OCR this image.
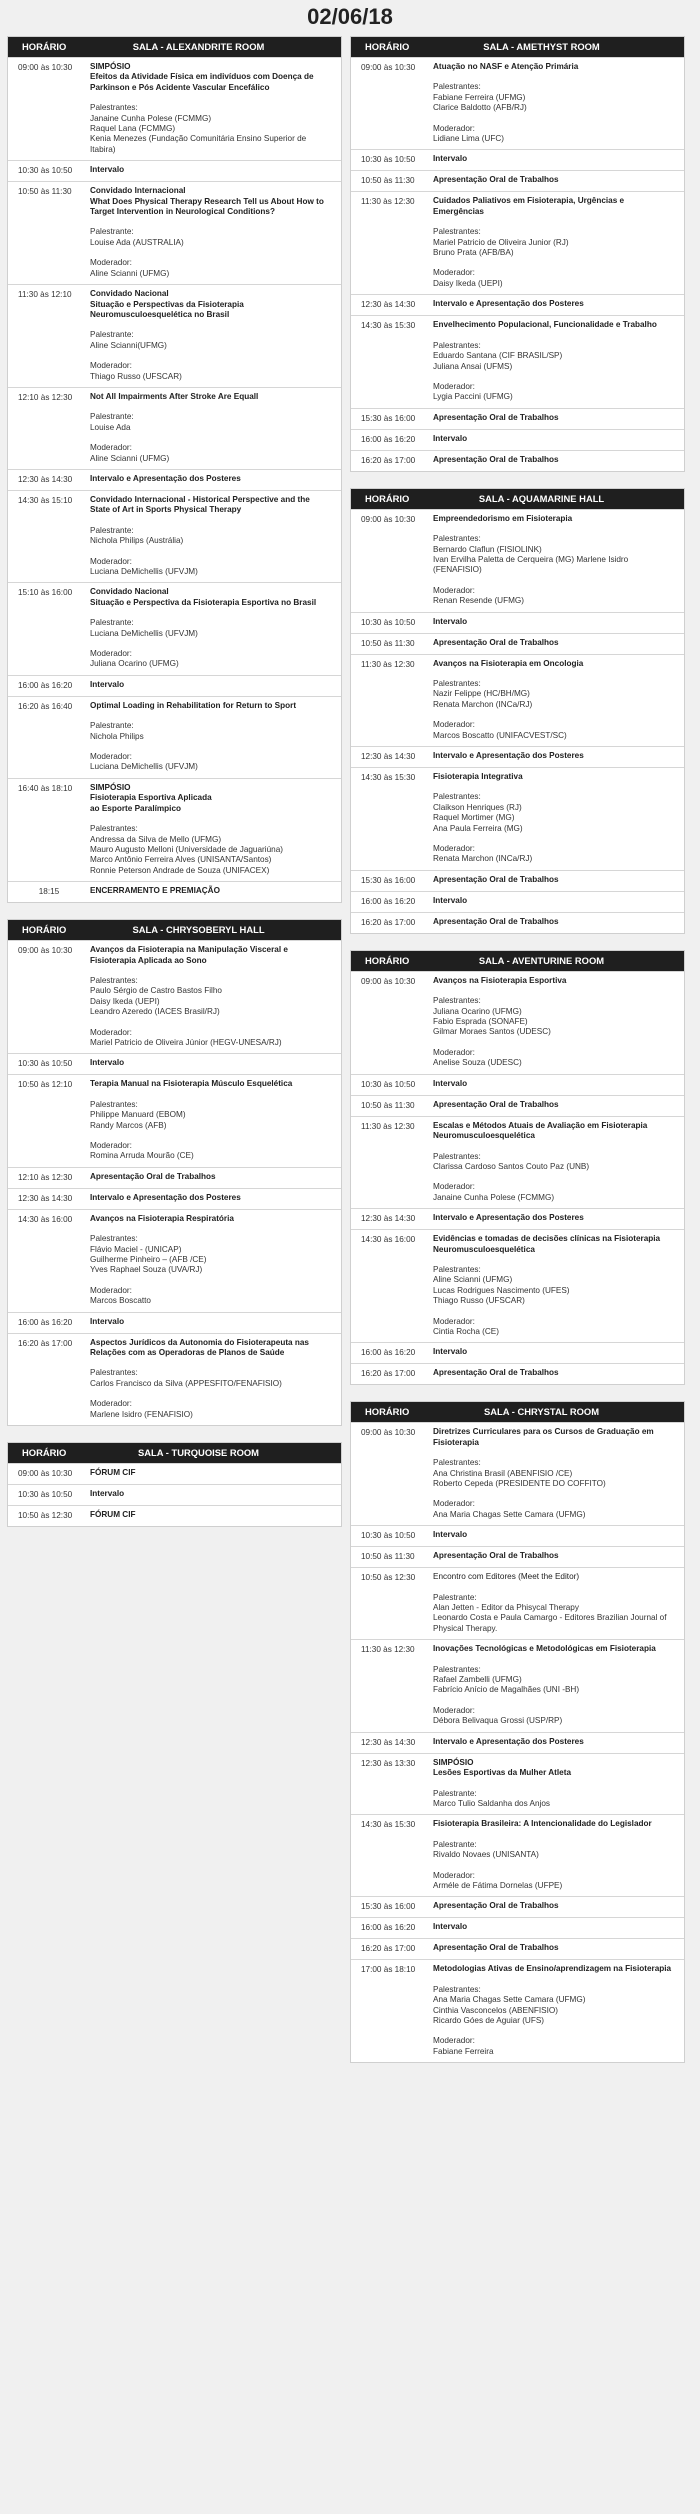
02/06/18
HORÁRIO	SALA - ALEXANDRITE ROOM
09:00 às 10:30	SIMPÓSIO
Efeitos da Atividade Física em indivíduos com Doença de Parkinson e Pós Acidente Vascular Encefálico
Palestrantes:
Janaine Cunha Polese (FCMMG)
Raquel Lana (FCMMG)
Kenia Menezes (Fundação Comunitária Ensino Superior de Itabira)
10:30 às 10:50	Intervalo
10:50 às 11:30	Convidado Internacional
What Does Physical Therapy Research Tell us About How to Target Intervention in Neurological Conditions?
Palestrante:
Louise Ada (AUSTRALIA)
Moderador:
Aline Scianni (UFMG)
11:30 às 12:10	Convidado Nacional
Situação e Perspectivas da Fisioterapia Neuromusculoesquelética no Brasil
Palestrante:
Aline Scianni(UFMG)
Moderador:
Thiago Russo (UFSCAR)
12:10 às 12:30	Not All Impairments After Stroke Are Equall
Palestrante:
Louise Ada
Moderador:
Aline Scianni (UFMG)
12:30 às 14:30	Intervalo e Apresentação dos Posteres
14:30 às 15:10	Convidado Internacional - Historical Perspective and the State of Art in Sports Physical Therapy
Palestrante:
Nichola Philips (Austrália)
Moderador:
Luciana DeMichellis (UFVJM)
15:10 às 16:00	Convidado Nacional
Situação e Perspectiva da Fisioterapia Esportiva no Brasil
Palestrante:
Luciana DeMichellis (UFVJM)
Moderador:
Juliana Ocarino (UFMG)
16:00 às 16:20	Intervalo
16:20 às 16:40	Optimal Loading in Rehabilitation for Return to Sport
Palestrante:
Nichola Philips
Moderador:
Luciana DeMichellis (UFVJM)
16:40 às 18:10	SIMPÓSIO
Fisioterapia Esportiva Aplicada
ao Esporte Paralímpico
Palestrantes:
Andressa da Silva de Mello (UFMG)
Mauro Augusto Melloni (Universidade de Jaguariúna)
Marco Antônio Ferreira Alves (UNISANTA/Santos)
Ronnie Peterson Andrade de Souza (UNIFACEX)
18:15	ENCERRAMENTO E PREMIAÇÃO
HORÁRIO	SALA - CHRYSOBERYL HALL
09:00 às 10:30	Avanços da Fisioterapia na Manipulação Visceral e Fisioterapia Aplicada ao Sono
Palestrantes:
Paulo Sérgio de Castro Bastos Filho
Daisy Ikeda (UEPI)
Leandro Azeredo (IACES Brasil/RJ)
Moderador:
Mariel Patricio de Oliveira Júnior (HEGV-UNESA/RJ)
10:30 às 10:50	Intervalo
10:50 às 12:10	Terapia Manual na Fisioterapia Músculo Esquelética
Palestrantes:
Philippe Manuard (EBOM)
Randy Marcos (AFB)
Moderador:
Romina Arruda Mourão (CE)
12:10 às 12:30	Apresentação Oral de Trabalhos
12:30 às 14:30	Intervalo e Apresentação dos Posteres
14:30 às 16:00	Avanços na Fisioterapia Respiratória
Palestrantes:
Flávio Maciel - (UNICAP)
Guilherme Pinheiro – (AFB /CE)
Yves Raphael Souza (UVA/RJ)
Moderador:
Marcos Boscatto
16:00 às 16:20	Intervalo
16:20 às 17:00	Aspectos Jurídicos da Autonomia do Fisioterapeuta nas Relações com as Operadoras de Planos de Saúde
Palestrantes:
Carlos Francisco da Silva (APPESFITO/FENAFISIO)
Moderador:
Marlene Isidro (FENAFISIO)
HORÁRIO	SALA - TURQUOISE ROOM
09:00 às 10:30	FÓRUM CIF
10:30 às 10:50	Intervalo
10:50 às 12:30	FÓRUM CIF
HORÁRIO	SALA - AMETHYST ROOM
09:00 às 10:30	Atuação no NASF e Atenção Primária
Palestrantes:
Fabiane Ferreira (UFMG)
Clarice Baldotto (AFB/RJ)
Moderador:
Lidiane Lima (UFC)
10:30 às 10:50	Intervalo
10:50 às 11:30	Apresentação Oral de Trabalhos
11:30 às 12:30	Cuidados Paliativos em Fisioterapia, Urgências e Emergências
Palestrantes:
Mariel Patricio de Oliveira Junior (RJ)
Bruno Prata (AFB/BA)
Moderador:
Daisy Ikeda (UEPI)
12:30 às 14:30	Intervalo e Apresentação dos Posteres
14:30 às 15:30	Envelhecimento Populacional, Funcionalidade e Trabalho
Palestrantes:
Eduardo Santana (CIF BRASIL/SP)
Juliana Ansai (UFMS)
Moderador:
Lygia Paccini (UFMG)
15:30 às 16:00	Apresentação Oral de Trabalhos
16:00 às 16:20	Intervalo
16:20 às 17:00	Apresentação Oral de Trabalhos
HORÁRIO	SALA - AQUAMARINE HALL
09:00 às 10:30	Empreendedorismo em Fisioterapia
Palestrantes:
Bernardo Claflun (FISIOLINK)
Ivan Ervilha Paletta de Cerqueira (MG) Marlene Isidro (FENAFISIO)
Moderador:
Renan Resende (UFMG)
10:30 às 10:50	Intervalo
10:50 às 11:30	Apresentação Oral de Trabalhos
11:30 às 12:30	Avanços na Fisioterapia em Oncologia
Palestrantes:
Nazir Felippe (HC/BH/MG)
Renata Marchon (INCa/RJ)
Moderador:
Marcos Boscatto (UNIFACVEST/SC)
12:30 às 14:30	Intervalo e Apresentação dos Posteres
14:30 às 15:30	Fisioterapia Integrativa
Palestrantes:
Claikson Henriques (RJ)
Raquel Mortimer (MG)
Ana Paula Ferreira (MG)
Moderador:
Renata Marchon (INCa/RJ)
15:30 às 16:00	Apresentação Oral de Trabalhos
16:00 às 16:20	Intervalo
16:20 às 17:00	Apresentação Oral de Trabalhos
HORÁRIO	SALA - AVENTURINE ROOM
09:00 às 10:30	Avanços na Fisioterapia Esportiva
Palestrantes:
Juliana Ocarino (UFMG)
Fabio Esprada (SONAFE)
Gilmar Moraes Santos (UDESC)
Moderador:
Anelise Souza (UDESC)
10:30 às 10:50	Intervalo
10:50 às 11:30	Apresentação Oral de Trabalhos
11:30 às 12:30	Escalas e Métodos Atuais de Avaliação em Fisioterapia Neuromusculoesquelética
Palestrantes:
Clarissa Cardoso Santos Couto Paz (UNB)
Moderador:
Janaine Cunha Polese (FCMMG)
12:30 às 14:30	Intervalo e Apresentação dos Posteres
14:30 às 16:00	Evidências e tomadas de decisões clínicas na Fisioterapia Neuromusculoesquelética
Palestrantes:
Aline Scianni (UFMG)
Lucas Rodrigues Nascimento (UFES)
Thiago Russo (UFSCAR)
Moderador:
Cintia Rocha (CE)
16:00 às 16:20	Intervalo
16:20 às 17:00	Apresentação Oral de Trabalhos
HORÁRIO	SALA - CHRYSTAL ROOM
09:00 às 10:30	Diretrizes Curriculares para os Cursos de Graduação em Fisioterapia
Palestrantes:
Ana Christina Brasil (ABENFISIO /CE)
Roberto Cepeda (PRESIDENTE DO COFFITO)
Moderador:
Ana Maria Chagas Sette Camara (UFMG)
10:30 às 10:50	Intervalo
10:50 às 11:30	Apresentação Oral de Trabalhos
10:50 às 12:30	Encontro com Editores (Meet the Editor)
Palestrante:
Alan Jetten - Editor da Phisycal Therapy
Leonardo Costa e Paula Camargo - Editores Brazilian Journal of Physical Therapy.
11:30 às 12:30	Inovações Tecnológicas e Metodológicas em Fisioterapia
Palestrantes:
Rafael Zambelli (UFMG)
Fabrício Anício de Magalhães (UNI -BH)
Moderador:
Débora Belivaqua Grossi (USP/RP)
12:30 às 14:30	Intervalo e Apresentação dos Posteres
12:30 às 13:30	SIMPÓSIO
Lesões Esportivas da Mulher Atleta
Palestrante:
Marco Tulio Saldanha dos Anjos
14:30 às 15:30	Fisioterapia Brasileira: A Intencionalidade do Legislador
Palestrante:
Rivaldo Novaes (UNISANTA)
Moderador:
Arméle de Fátima Dornelas (UFPE)
15:30 às 16:00	Apresentação Oral de Trabalhos
16:00 às 16:20	Intervalo
16:20 às 17:00	Apresentação Oral de Trabalhos
17:00 às 18:10	Metodologias Ativas de Ensino/aprendizagem na Fisioterapia
Palestrantes:
Ana Maria Chagas Sette Camara (UFMG)
Cinthia Vasconcelos (ABENFISIO)
Ricardo Góes de Aguiar (UFS)
Moderador:
Fabiane Ferreira
